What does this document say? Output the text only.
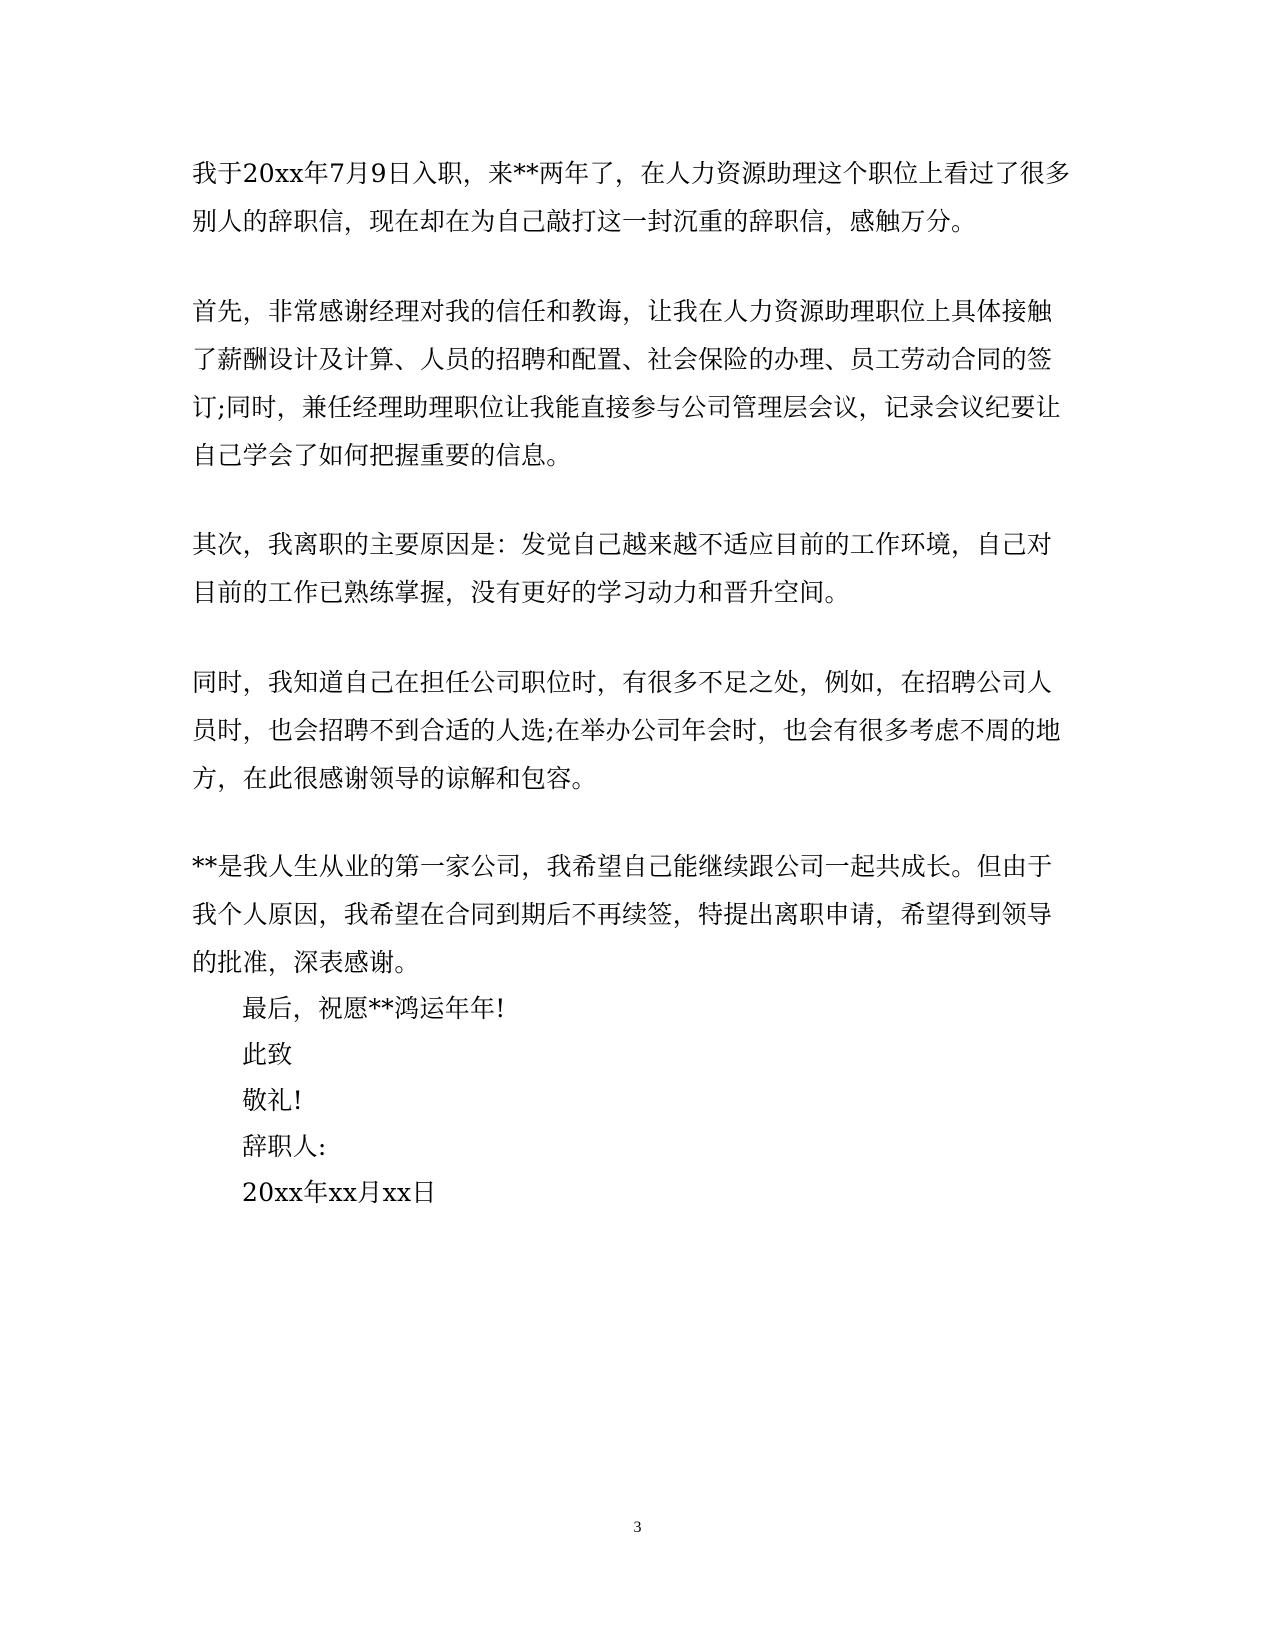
我于20xx年7月9日入职，来**两年了，在人力资源助理这个职位上看过了很多别人的辞职信，现在却在为自己敲打这一封沉重的辞职信，感触万分。

首先，非常感谢经理对我的信任和教诲，让我在人力资源助理职位上具体接触了薪酬设计及计算、人员的招聘和配置、社会保险的办理、员工劳动合同的签订;同时，兼任经理助理职位让我能直接参与公司管理层会议，记录会议纪要让自己学会了如何把握重要的信息。

其次，我离职的主要原因是：发觉自己越来越不适应目前的工作环境，自己对目前的工作已熟练掌握，没有更好的学习动力和晋升空间。

同时，我知道自己在担任公司职位时，有很多不足之处，例如，在招聘公司人员时，也会招聘不到合适的人选;在举办公司年会时，也会有很多考虑不周的地方，在此很感谢领导的谅解和包容。

**是我人生从业的第一家公司，我希望自己能继续跟公司一起共成长。但由于我个人原因，我希望在合同到期后不再续签，特提出离职申请，希望得到领导的批准，深表感谢。

最后，祝愿**鸿运年年!

此致

敬礼!

辞职人:

20xx年xx月xx日

3
